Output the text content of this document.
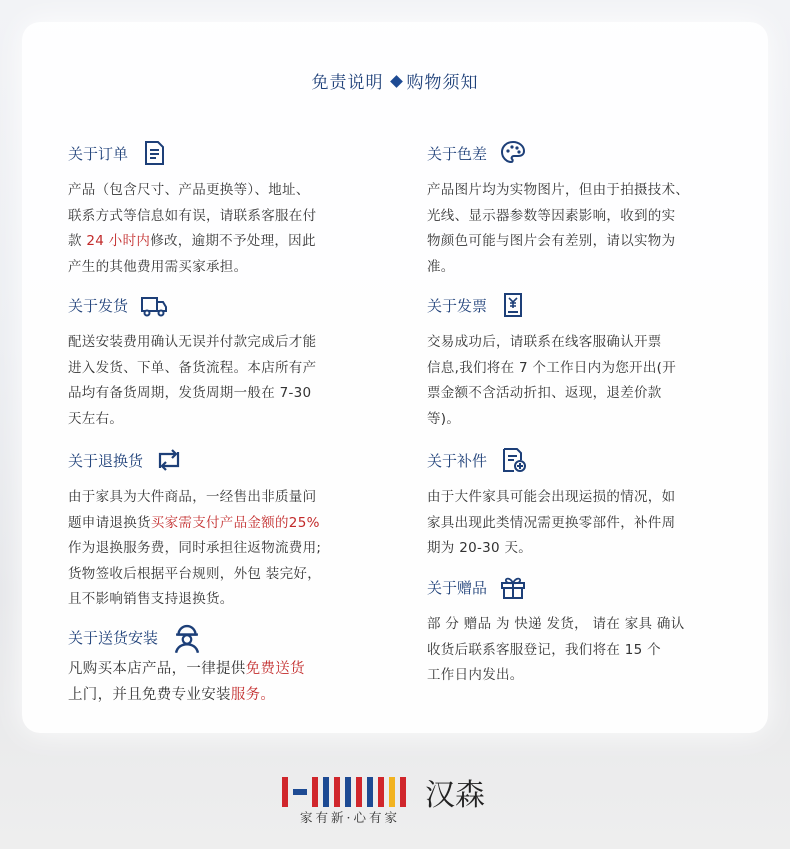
免责说明 购物须知
关于订单
产品（包含尺寸、产品更换等）、地址、
联系方式等信息如有误，请联系客服在付
款 24 小时内修改，逾期不予处理，因此
产生的其他费用需买家承担。
关于发货
配送安装费用确认无误并付款完成后才能
进入发货、下单、备货流程。本店所有产
品均有备货周期，发货周期一般在 7-30
天左右。
关于退换货
由于家具为大件商品，一经售出非质量问
题申请退换货买家需支付产品金额的25%
作为退换服务费，同时承担往返物流费用;
货物签收后根据平台规则，外包 装完好，
且不影响销售支持退换货。
关于送货安装
凡购买本店产品，一律提供免费送货
上门，并且免费专业安装服务。
关于色差
产品图片均为实物图片，但由于拍摄技术、
光线、显示器参数等因素影响，收到的实
物颜色可能与图片会有差别，请以实物为
准。
关于发票
交易成功后，请联系在线客服确认开票
信息,我们将在 7 个工作日内为您开出(开
票金额不含活动折扣、返现，退差价款
等)。
关于补件
由于大件家具可能会出现运损的情况，如
家具出现此类情况需更换零部件，补件周
期为 20-30 天。
关于赠品
部 分 赠品 为 快递 发货， 请在 家具 确认
收货后联系客服登记，我们将在 15 个
工作日内发出。
汉森
家有新·心有家
